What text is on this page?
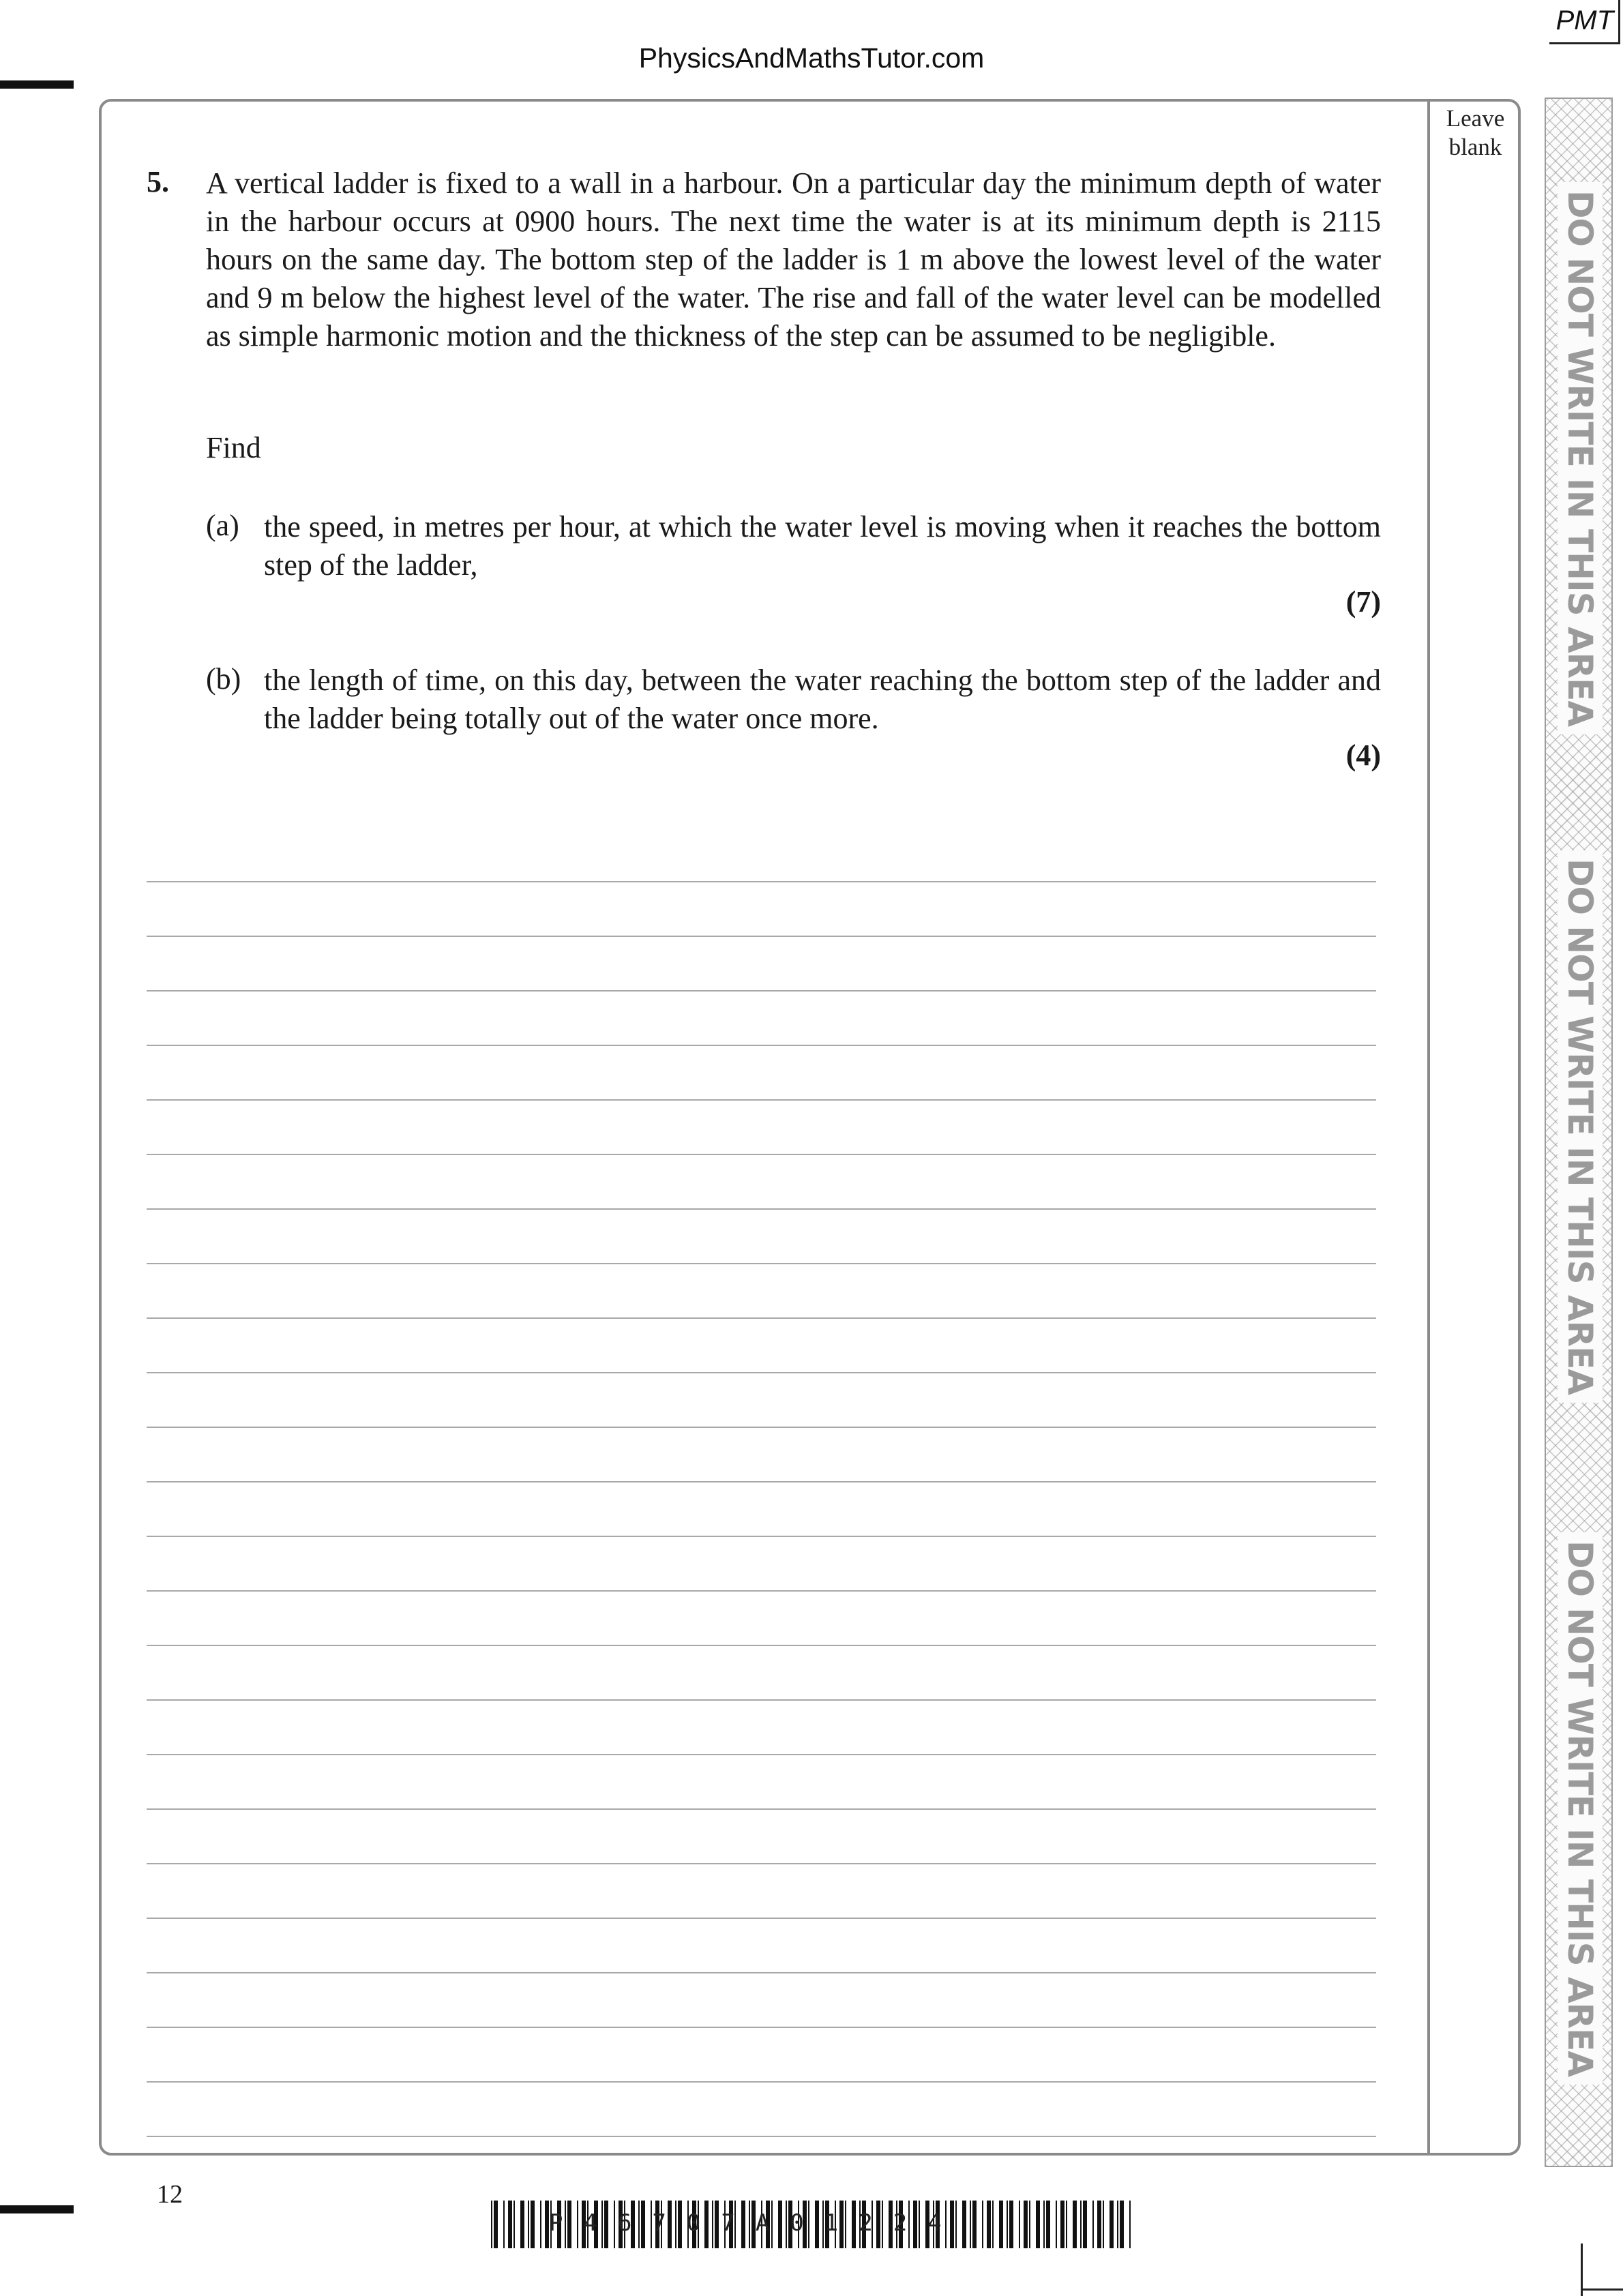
PMT
PhysicsAndMathsTutor.com
Leave blank
DO NOT WRITE IN THIS AREA
DO NOT WRITE IN THIS AREA
DO NOT WRITE IN THIS AREA
5. A vertical ladder is fixed to a wall in a harbour. On a particular day the minimum depth of water in the harbour occurs at 0900 hours. The next time the water is at its minimum depth is 2115 hours on the same day. The bottom step of the ladder is 1 m above the lowest level of the water and 9 m below the highest level of the water. The rise and fall of the water level can be modelled as simple harmonic motion and the thickness of the step can be assumed to be negligible.
Find
(a) the speed, in metres per hour, at which the water level is moving when it reaches the bottom step of the ladder,
(7)
(b) the length of time, on this day, between the water reaching the bottom step of the ladder and the ladder being totally out of the water once more.
(4)
12
P46707A01224
